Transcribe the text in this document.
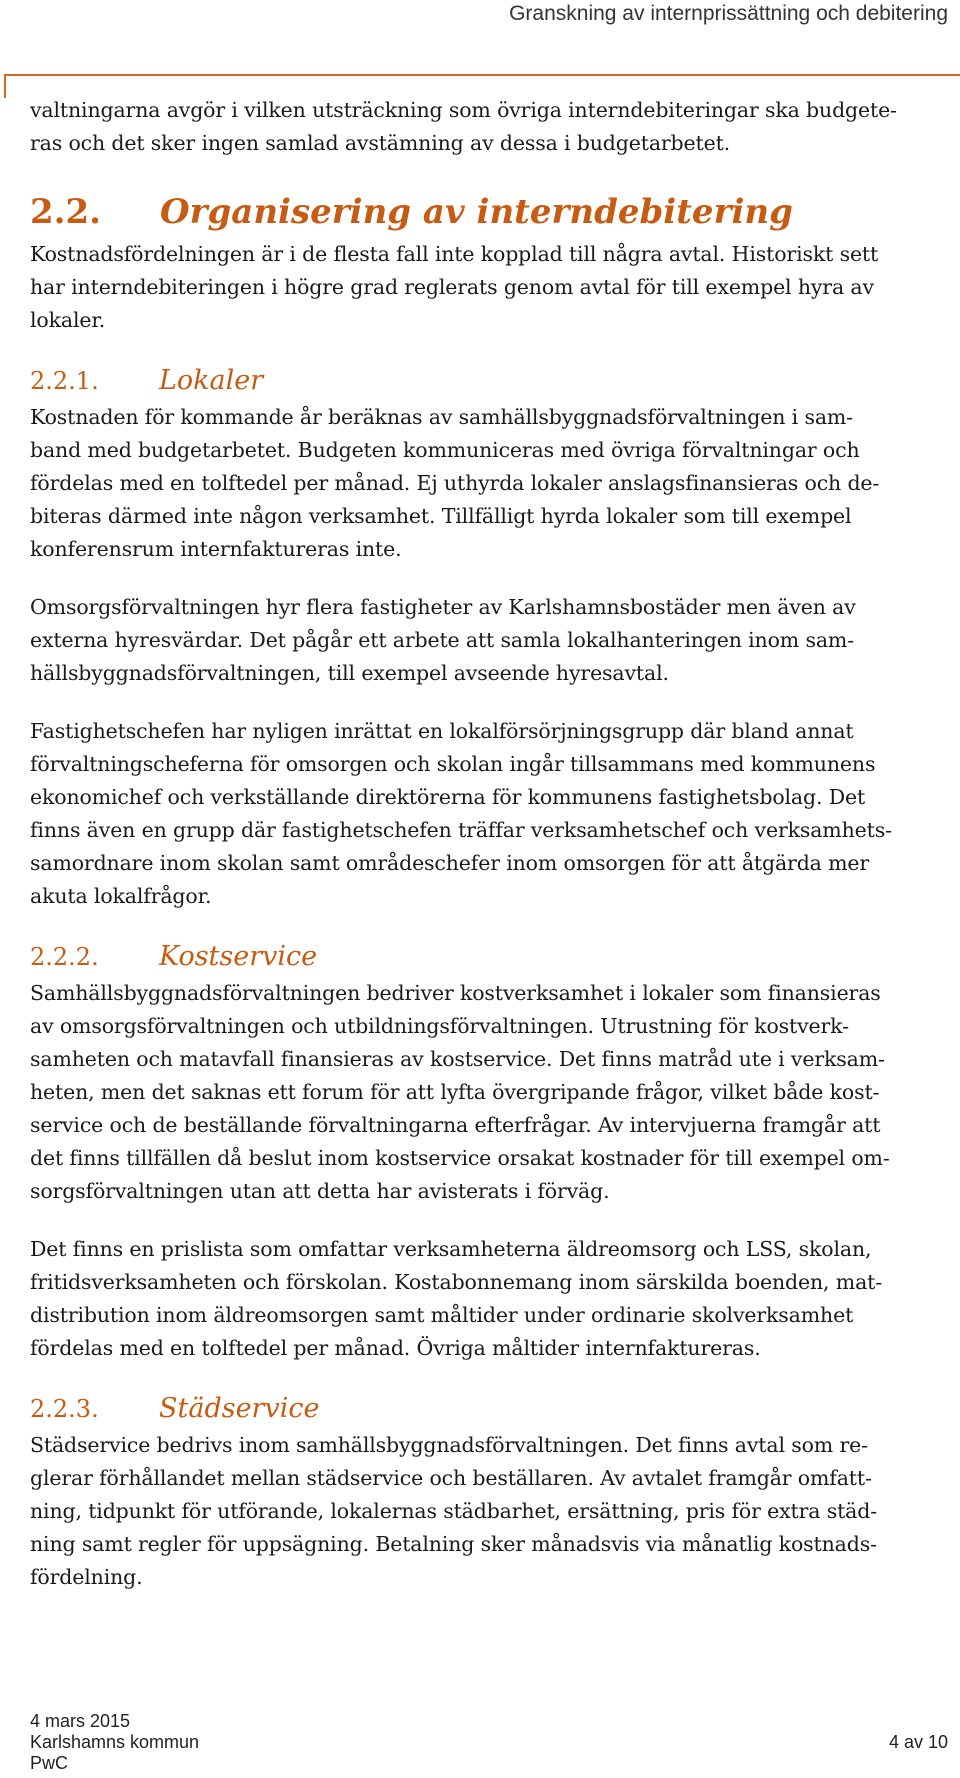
Granskning av internprissättning och debitering

valtningarna avgör i vilken utsträckning som övriga interndebiteringar ska budgete-
ras och det sker ingen samlad avstämning av dessa i budgetarbetet.

2.2.	Organisering av interndebitering

Kostnadsfördelningen är i de flesta fall inte kopplad till några avtal. Historiskt sett
har interndebiteringen i högre grad reglerats genom avtal för till exempel hyra av
lokaler.

2.2.1.	Lokaler

Kostnaden för kommande år beräknas av samhällsbyggnadsförvaltningen i sam-
band med budgetarbetet. Budgeten kommuniceras med övriga förvaltningar och
fördelas med en tolftedel per månad. Ej uthyrda lokaler anslagsfinansieras och de-
biteras därmed inte någon verksamhet. Tillfälligt hyrda lokaler som till exempel
konferensrum internfaktureras inte.

Omsorgsförvaltningen hyr flera fastigheter av Karlshamnsbostäder men även av
externa hyresvärdar. Det pågår ett arbete att samla lokalhanteringen inom sam-
hällsbyggnadsförvaltningen, till exempel avseende hyresavtal.

Fastighetschefen har nyligen inrättat en lokalförsörjningsgrupp där bland annat
förvaltningscheferna för omsorgen och skolan ingår tillsammans med kommunens
ekonomichef och verkställande direktörerna för kommunens fastighetsbolag. Det
finns även en grupp där fastighetschefen träffar verksamhetschef och verksamhets-
samordnare inom skolan samt områdeschefer inom omsorgen för att åtgärda mer
akuta lokalfrågor.

2.2.2.	Kostservice

Samhällsbyggnadsförvaltningen bedriver kostverksamhet i lokaler som finansieras
av omsorgsförvaltningen och utbildningsförvaltningen. Utrustning för kostverk-
samheten och matavfall finansieras av kostservice. Det finns matråd ute i verksam-
heten, men det saknas ett forum för att lyfta övergripande frågor, vilket både kost-
service och de beställande förvaltningarna efterfrågar. Av intervjuerna framgår att
det finns tillfällen då beslut inom kostservice orsakat kostnader för till exempel om-
sorgsförvaltningen utan att detta har avisterats i förväg.

Det finns en prislista som omfattar verksamheterna äldreomsorg och LSS, skolan,
fritidsverksamheten och förskolan. Kostabonnemang inom särskilda boenden, mat-
distribution inom äldreomsorgen samt måltider under ordinarie skolverksamhet
fördelas med en tolftedel per månad. Övriga måltider internfaktureras.

2.2.3.	Städservice

Städservice bedrivs inom samhällsbyggnadsförvaltningen. Det finns avtal som re-
glerar förhållandet mellan städservice och beställaren. Av avtalet framgår omfatt-
ning, tidpunkt för utförande, lokalernas städbarhet, ersättning, pris för extra städ-
ning samt regler för uppsägning. Betalning sker månadsvis via månatlig kostnads-
fördelning.

4 mars 2015
Karlshamns kommun
PwC
4 av 10
